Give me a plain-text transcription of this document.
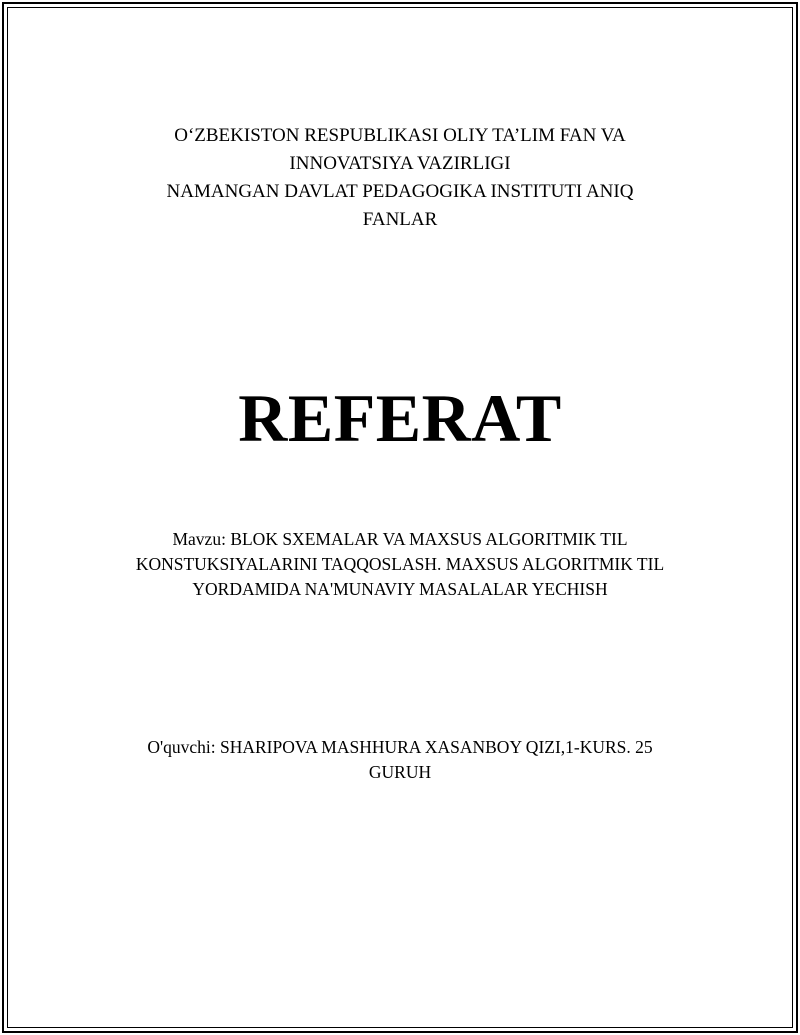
O‘ZBEKISTON RESPUBLIKASI OLIY TA’LIM FAN VA
INNOVATSIYA VAZIRLIGI
NAMANGAN DAVLAT PEDAGOGIKA INSTITUTI ANIQ
FANLAR
REFERAT
Mavzu: BLOK SXEMALAR VA MAXSUS ALGORITMIK TIL
KONSTUKSIYALARINI TAQQOSLASH. MAXSUS ALGORITMIK TIL
YORDAMIDA NA'MUNAVIY MASALALAR YECHISH
O'quvchi: SHARIPOVA MASHHURA XASANBOY QIZI,1-KURS. 25
GURUH
